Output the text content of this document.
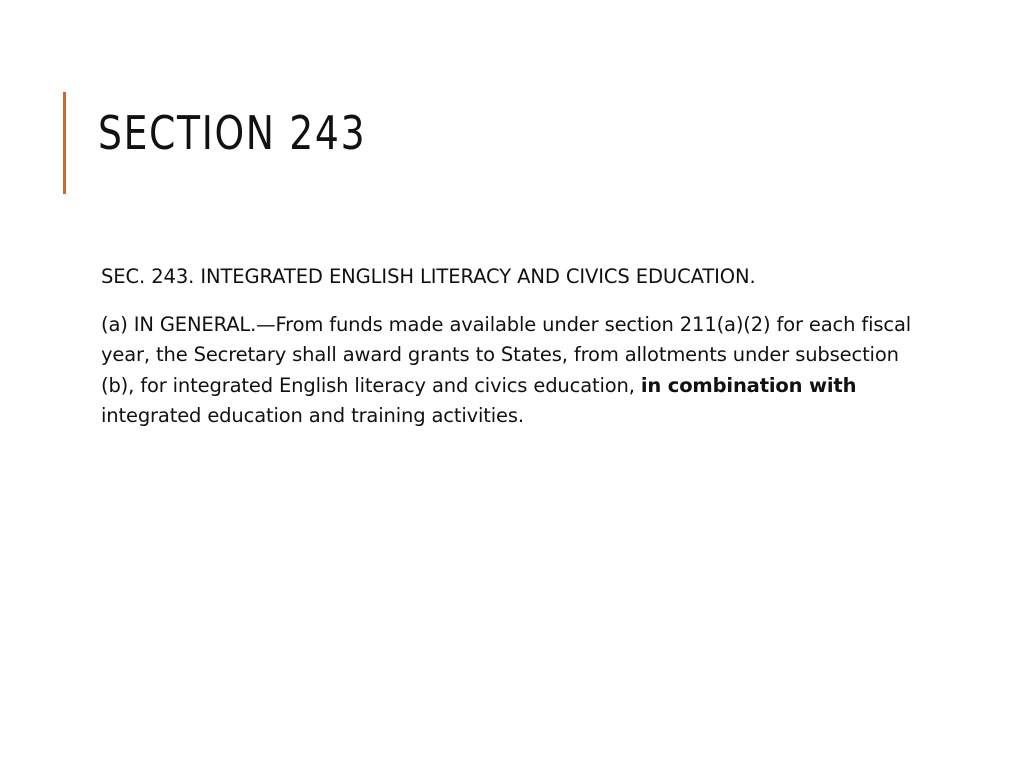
SECTION 243

SEC. 243. INTEGRATED ENGLISH LITERACY AND CIVICS EDUCATION.

(a) IN GENERAL.—From funds made available under section 211(a)(2) for each fiscal year, the Secretary shall award grants to States, from allotments under subsection (b), for integrated English literacy and civics education, in combination with integrated education and training activities.
